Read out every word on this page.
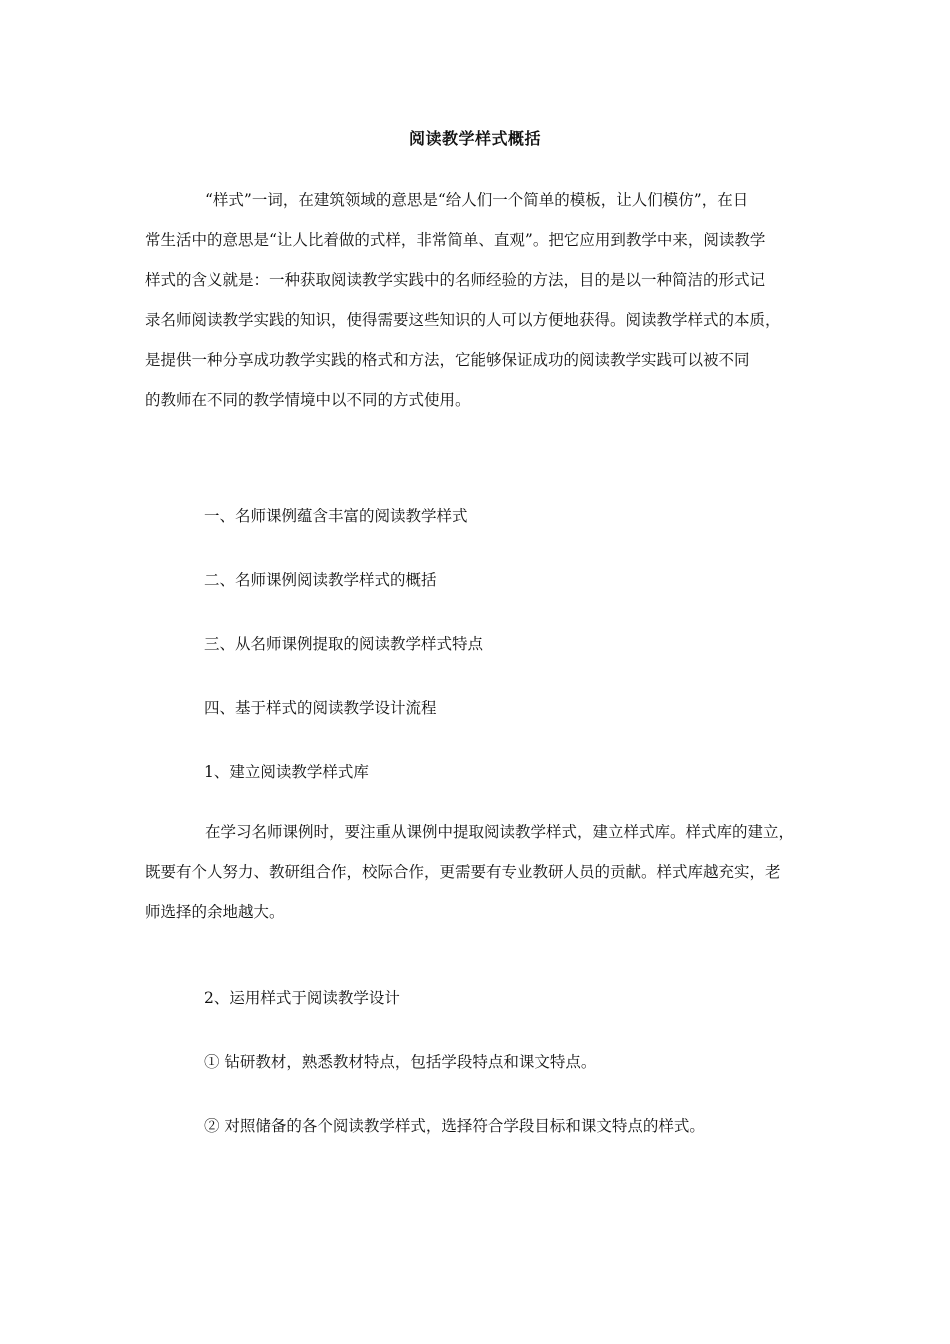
阅读教学样式概括

“样式”一词，在建筑领域的意思是“给人们一个简单的模板，让人们模仿”，在日
常生活中的意思是“让人比着做的式样，非常简单、直观”。把它应用到教学中来，阅读教学
样式的含义就是：一种获取阅读教学实践中的名师经验的方法，目的是以一种简洁的形式记
录名师阅读教学实践的知识，使得需要这些知识的人可以方便地获得。阅读教学样式的本质，
是提供一种分享成功教学实践的格式和方法，它能够保证成功的阅读教学实践可以被不同
的教师在不同的教学情境中以不同的方式使用。

一、名师课例蕴含丰富的阅读教学样式
二、名师课例阅读教学样式的概括
三、从名师课例提取的阅读教学样式特点
四、基于样式的阅读教学设计流程
1、建立阅读教学样式库

在学习名师课例时，要注重从课例中提取阅读教学样式，建立样式库。样式库的建立，
既要有个人努力、教研组合作，校际合作，更需要有专业教研人员的贡献。样式库越充实，老
师选择的余地越大。

2、运用样式于阅读教学设计
① 钻研教材，熟悉教材特点，包括学段特点和课文特点。
② 对照储备的各个阅读教学样式，选择符合学段目标和课文特点的样式。
